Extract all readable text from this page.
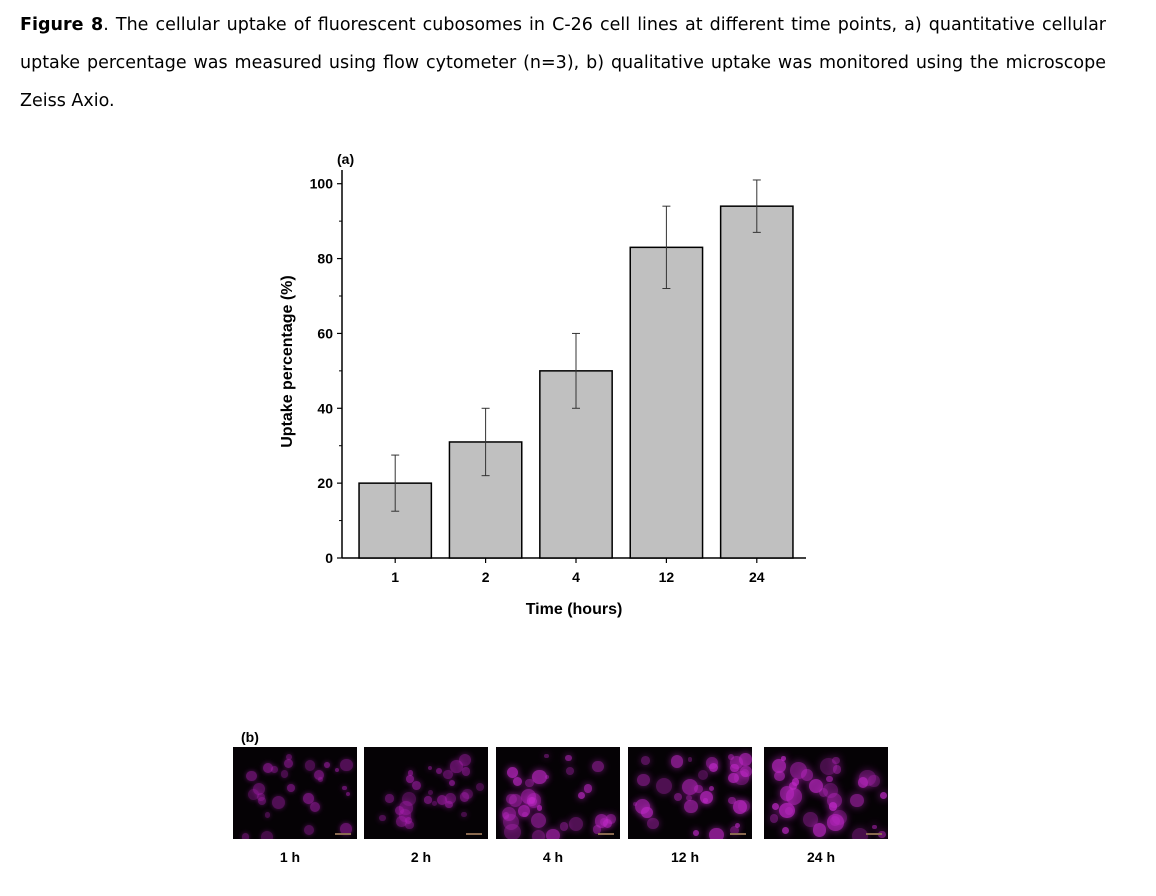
Figure 8. The cellular uptake of fluorescent cubosomes in C-26 cell lines at different time points, a) quantitative cellular uptake percentage was measured using flow cytometer (n=3), b) qualitative uptake was monitored using the microscope Zeiss Axio.
(a)
0
20
40
60
80
100
1	2	4	12	24
Time (hours)
Uptake percentage (%)
(b)
1 h	2 h	4 h	12 h	24 h
